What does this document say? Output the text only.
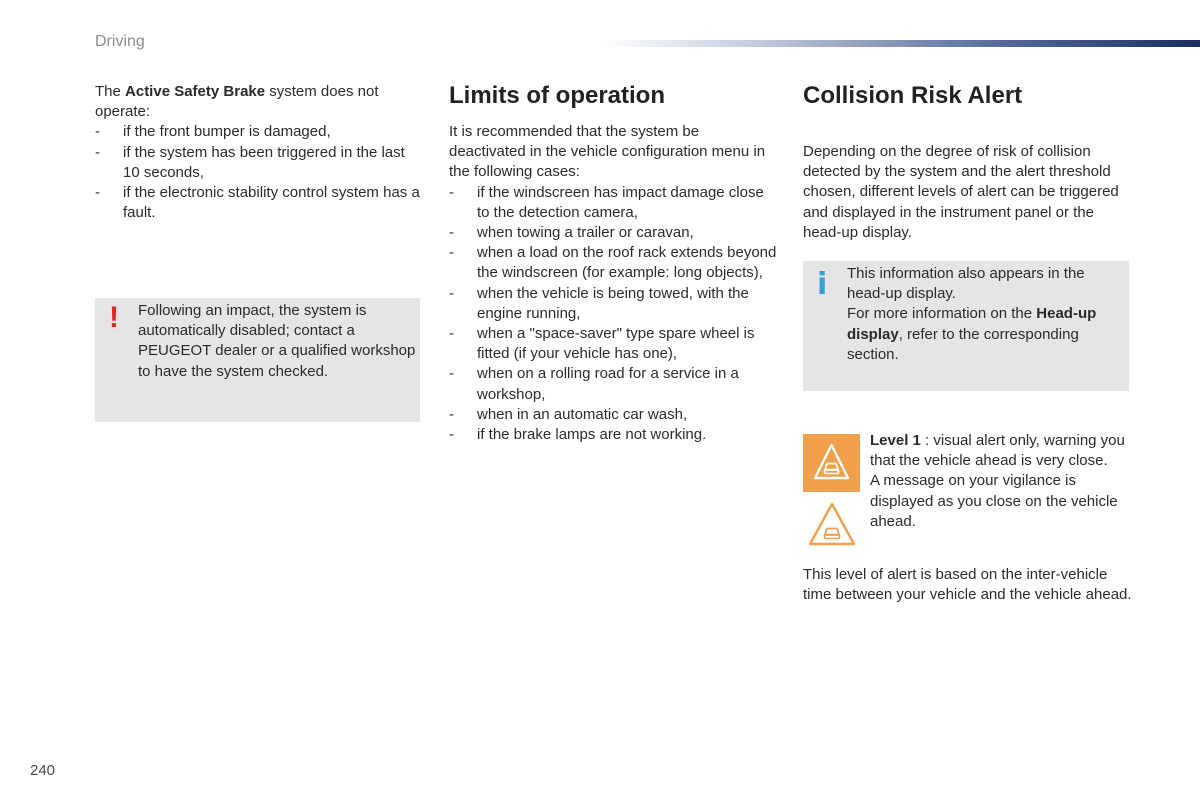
Driving

The Active Safety Brake system does not operate:

- if the front bumper is damaged,
- if the system has been triggered in the last 10 seconds,
- if the electronic stability control system has a fault.
! Following an impact, the system is automatically disabled; contact a PEUGEOT dealer or a qualified workshop to have the system checked.
Limits of operation

It is recommended that the system be deactivated in the vehicle configuration menu in the following cases:

- if the windscreen has impact damage close to the detection camera,
- when towing a trailer or caravan,
- when a load on the roof rack extends beyond the windscreen (for example: long objects),
- when the vehicle is being towed, with the engine running,
- when a "space-saver" type spare wheel is fitted (if your vehicle has one),
- when on a rolling road for a service in a workshop,
- when in an automatic car wash,
- if the brake lamps are not working.
Collision Risk Alert

Depending on the degree of risk of collision detected by the system and the alert threshold chosen, different levels of alert can be triggered and displayed in the instrument panel or the head-up display.

i This information also appears in the head-up display.
For more information on the Head-up display, refer to the corresponding section.

Level 1 : visual alert only, warning you that the vehicle ahead is very close.

A message on your vigilance is displayed as you close on the vehicle ahead.

This level of alert is based on the inter-vehicle time between your vehicle and the vehicle ahead.
240
